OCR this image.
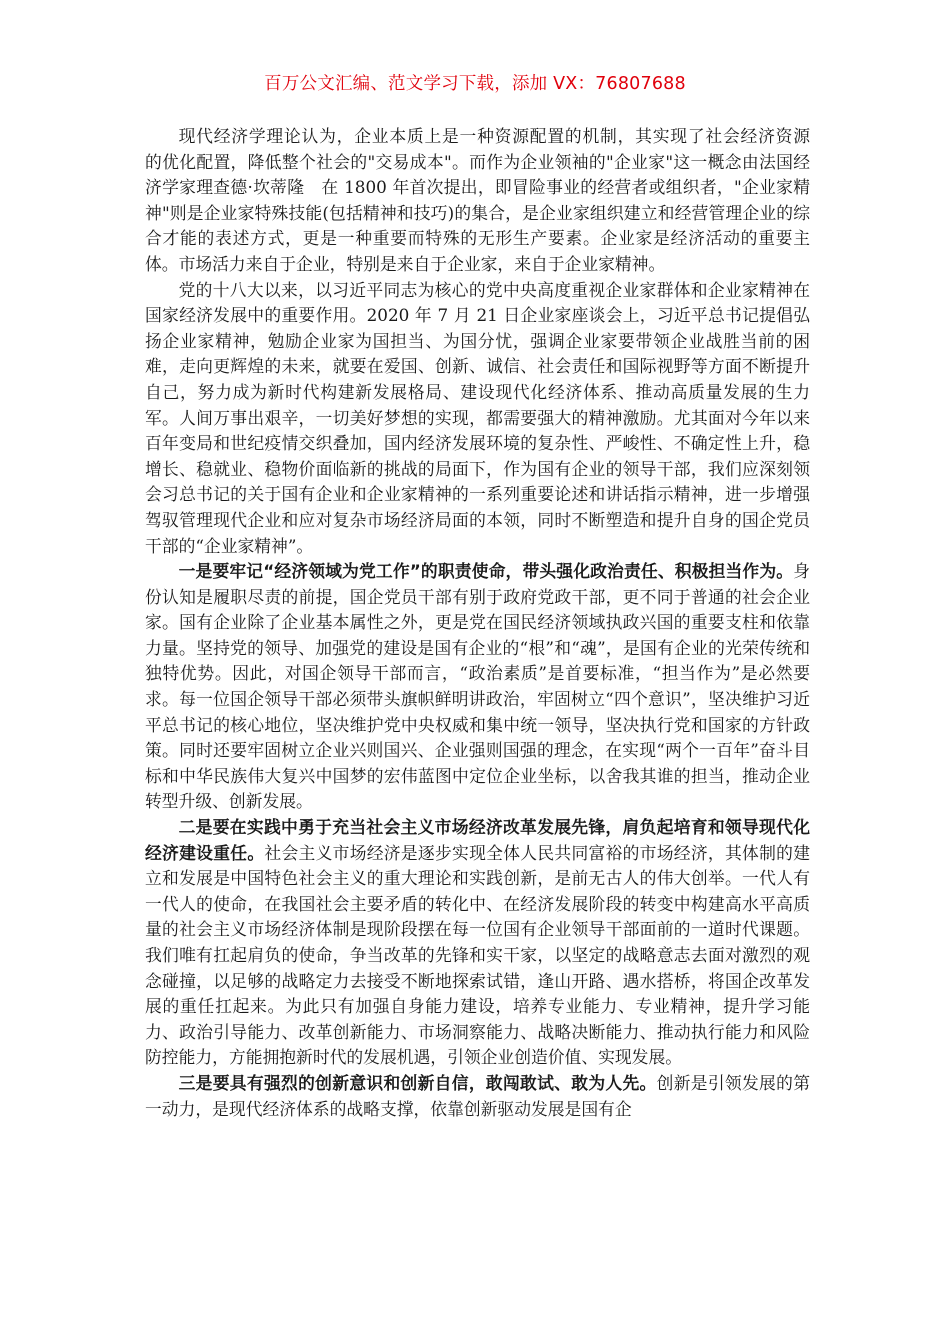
百万公文汇编、范文学习下载，添加 VX：76807688

现代经济学理论认为，企业本质上是一种资源配置的机制，其实现了社会经济资源　的优化配置，降低整个社会的"交易成本"。而作为企业领袖的"企业家"这一概念由法国经济学家理查德·坎蒂隆　在 1800 年首次提出，即冒险事业的经营者或组织者，"企业家精神"则是企业家特殊技能(包括精神和技巧)的集合，是企业家组织建立和经营管理企业的综合才能的表述方式，更是一种重要而特殊的无形生产要素。企业家是经济活动的重要主体。市场活力来自于企业，特别是来自于企业家，来自于企业家精神。

党的十八大以来，以习近平同志为核心的党中央高度重视企业家群体和企业家精神在国家经济发展中的重要作用。2020 年 7 月 21 日企业家座谈会上，习近平总书记提倡弘扬企业家精神，勉励企业家为国担当、为国分忧，强调企业家要带领企业战胜当前的困难，走向更辉煌的未来，就要在爱国、创新、诚信、社会责任和国际视野等方面不断提升自己，努力成为新时代构建新发展格局、建设现代化经济体系、推动高质量发展的生力军。人间万事出艰辛，一切美好梦想的实现，都需要强大的精神激励。尤其面对今年以来百年变局和世纪疫情交织叠加，国内经济发展环境的复杂性、严峻性、不确定性上升，稳增长、稳就业、稳物价面临新的挑战的局面下，作为国有企业的领导干部，我们应深刻领会习总书记的关于国有企业和企业家精神的一系列重要论述和讲话指示精神，进一步增强驾驭管理现代企业和应对复杂市场经济局面的本领，同时不断塑造和提升自身的国企党员干部的“企业家精神”。

一是要牢记“经济领域为党工作”的职责使命，带头强化政治责任、积极担当作为。身份认知是履职尽责的前提，国企党员干部有别于政府党政干部，更不同于普通的社会企业家。国有企业除了企业基本属性之外，更是党在国民经济领域执政兴国的重要支柱和依靠力量。坚持党的领导、加强党的建设是国有企业的“根”和“魂”，是国有企业的光荣传统和独特优势。因此，对国企领导干部而言，“政治素质”是首要标准，“担当作为”是必然要求。每一位国企领导干部必须带头旗帜鲜明讲政治，牢固树立“四个意识”，坚决维护习近平总书记的核心地位，坚决维护党中央权威和集中统一领导，坚决执行党和国家的方针政策。同时还要牢固树立企业兴则国兴、企业强则国强的理念，在实现“两个一百年”奋斗目标和中华民族伟大复兴中国梦的宏伟蓝图中定位企业坐标，以舍我其谁的担当，推动企业转型升级、创新发展。

二是要在实践中勇于充当社会主义市场经济改革发展先锋，肩负起培育和领导现代化经济建设重任。社会主义市场经济是逐步实现全体人民共同富裕的市场经济，其体制的建立和发展是中国特色社会主义的重大理论和实践创新，是前无古人的伟大创举。一代人有一代人的使命，在我国社会主要矛盾的转化中、在经济发展阶段的转变中构建高水平高质量的社会主义市场经济体制是现阶段摆在每一位国有企业领导干部面前的一道时代课题。我们唯有扛起肩负的使命，争当改革的先锋和实干家，以坚定的战略意志去面对激烈的观念碰撞，以足够的战略定力去接受不断地探索试错，逢山开路、遇水搭桥，将国企改革发展的重任扛起来。为此只有加强自身能力建设，培养专业能力、专业精神，提升学习能力、政治引导能力、改革创新能力、市场洞察能力、战略决断能力、推动执行能力和风险防控能力，方能拥抱新时代的发展机遇，引领企业创造价值、实现发展。

三是要具有强烈的创新意识和创新自信，敢闯敢试、敢为人先。创新是引领发展的第一动力，是现代经济体系的战略支撑，依靠创新驱动发展是国有企
